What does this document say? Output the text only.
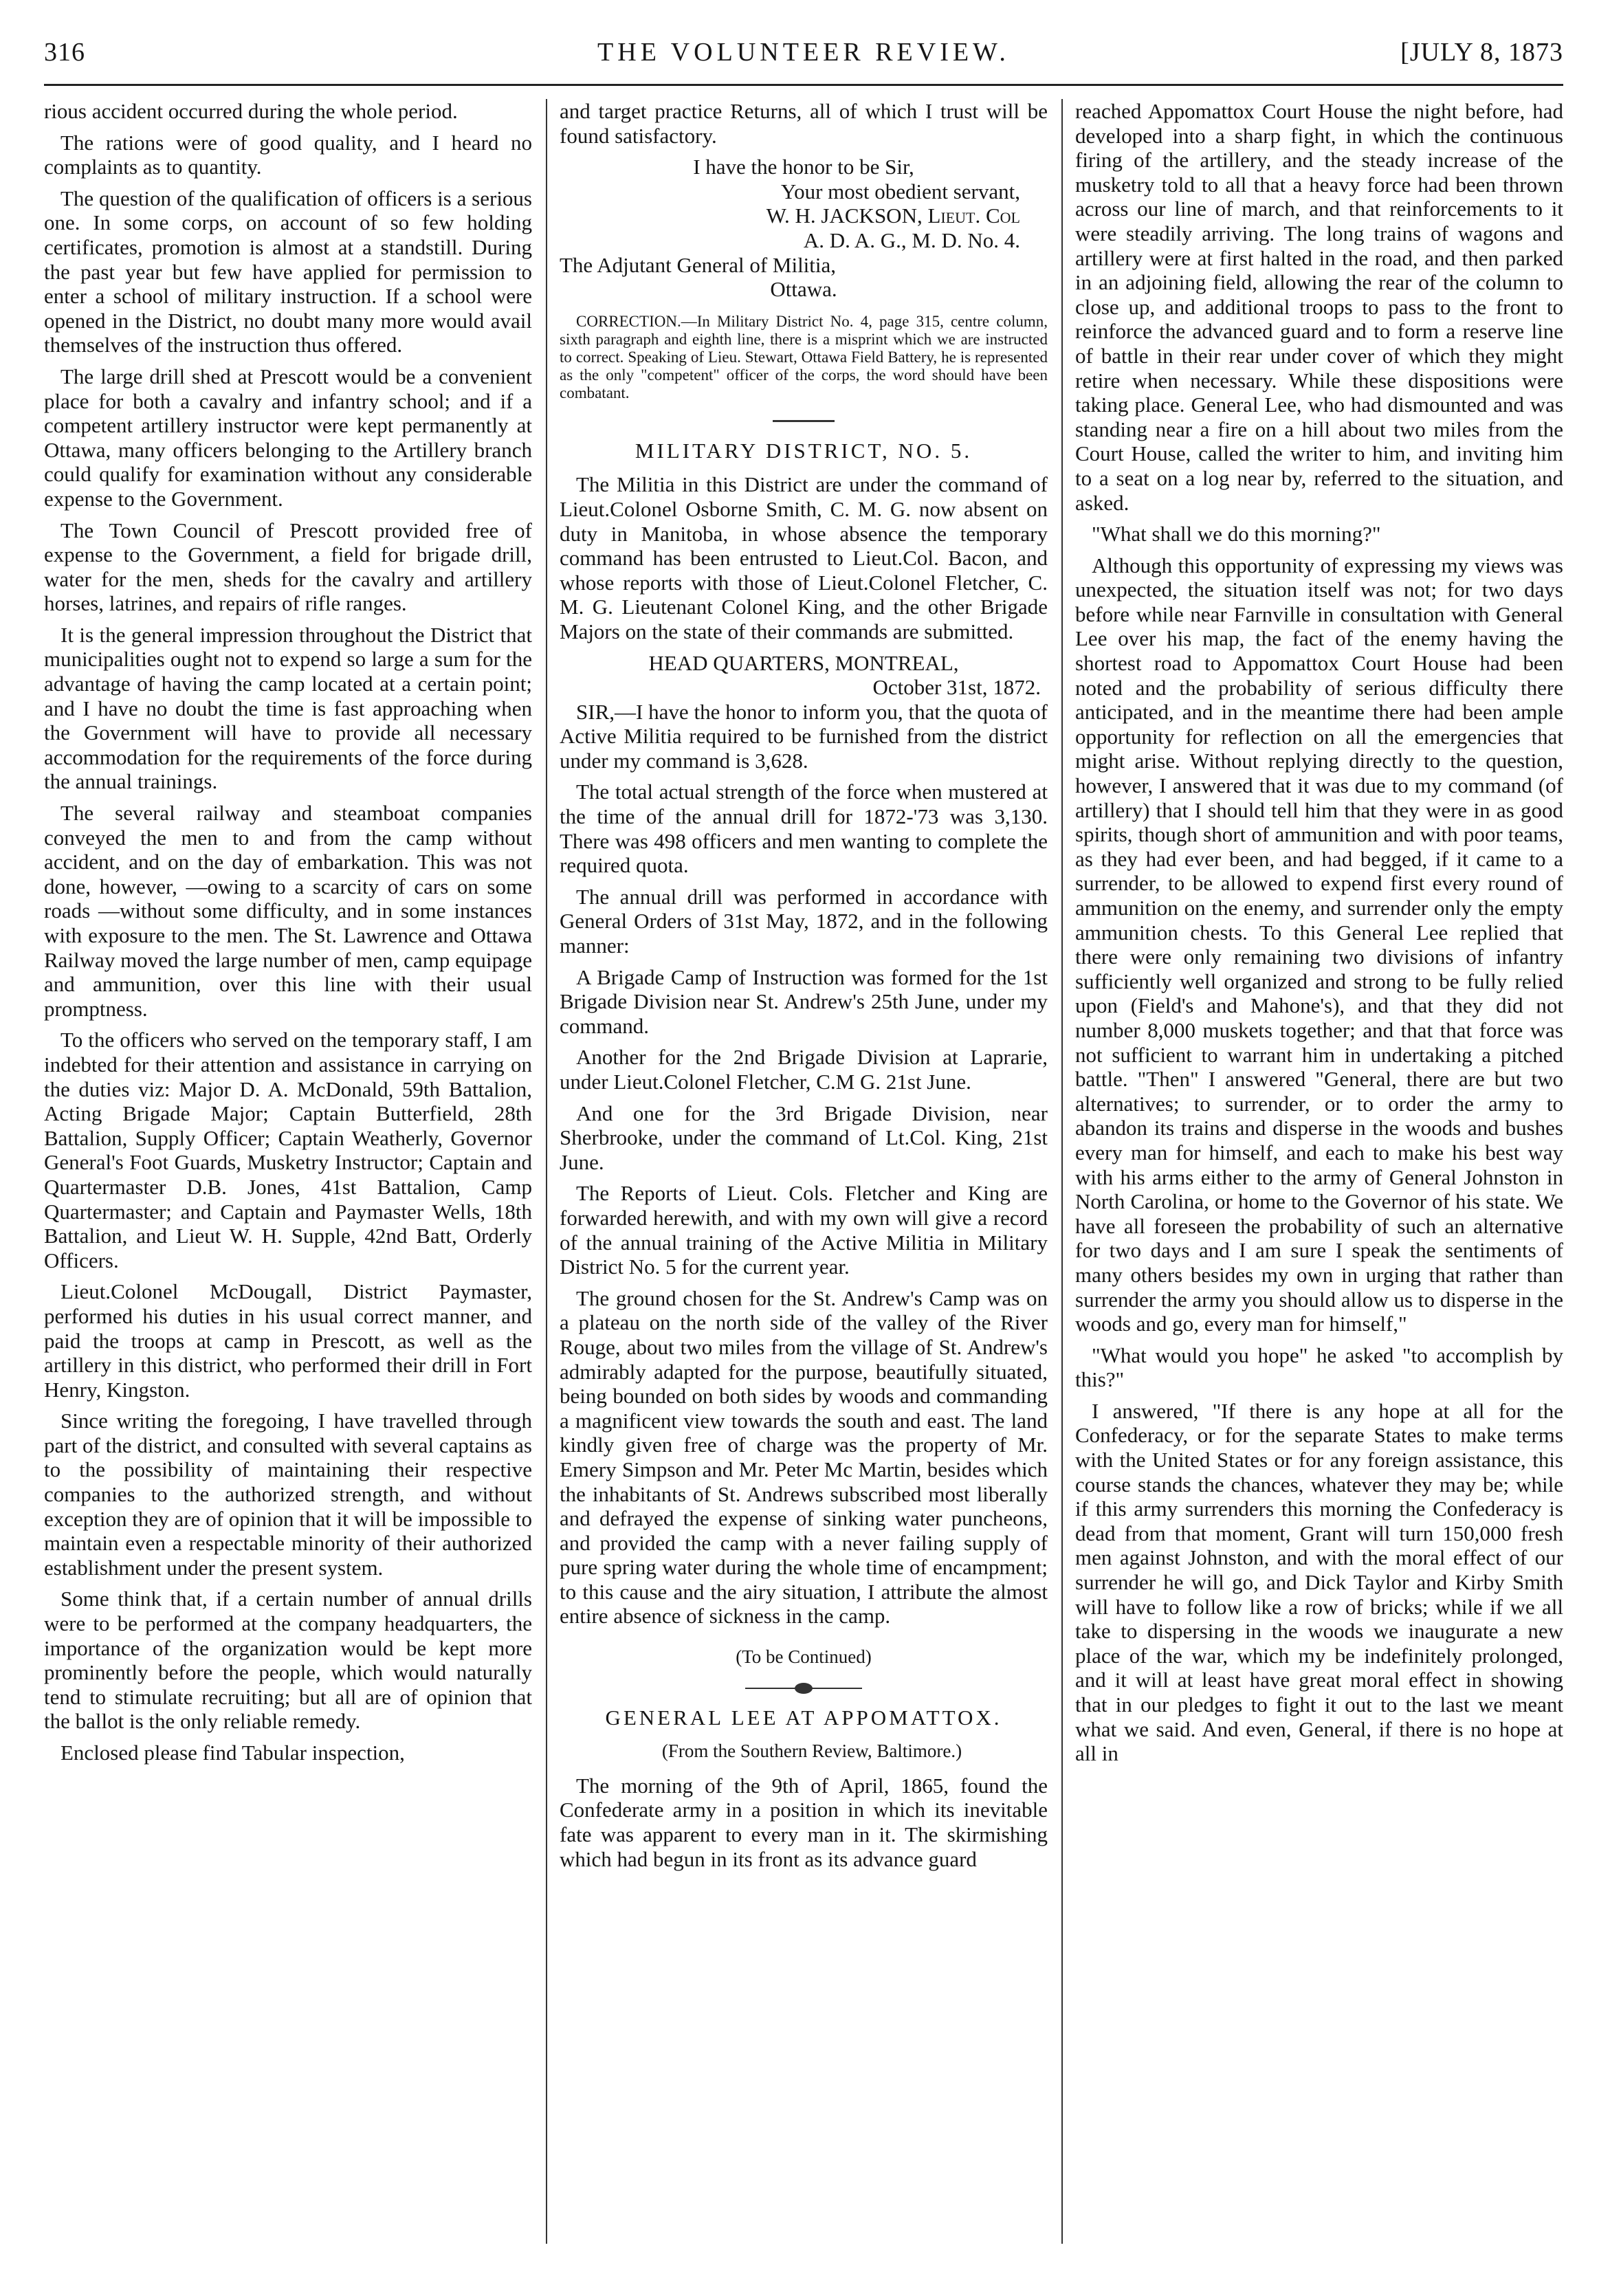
316	THE VOLUNTEER REVIEW.	[JULY 8, 1873

rious accident occurred during the whole period.

The rations were of good quality, and I heard no complaints as to quantity.

The question of the qualification of officers is a serious one. In some corps, on account of so few holding certificates, promotion is almost at a standstill. During the past year but few have applied for permission to enter a school of military instruction. If a school were opened in the District, no doubt many more would avail themselves of the instruction thus offered.

The large drill shed at Prescott would be a convenient place for both a cavalry and infantry school; and if a competent artillery instructor were kept permanently at Ottawa, many officers belonging to the Artillery branch could qualify for examination without any considerable expense to the Government.

The Town Council of Prescott provided free of expense to the Government, a field for brigade drill, water for the men, sheds for the cavalry and artillery horses, latrines, and repairs of rifle ranges.

It is the general impression throughout the District that municipalities ought not to expend so large a sum for the advantage of having the camp located at a certain point; and I have no doubt the time is fast approaching when the Government will have to provide all necessary accommodation for the requirements of the force during the annual trainings.

The several railway and steamboat companies conveyed the men to and from the camp without accident, and on the day of embarkation. This was not done, however, —owing to a scarcity of cars on some roads —without some difficulty, and in some instances with exposure to the men. The St. Lawrence and Ottawa Railway moved the large number of men, camp equipage and ammunition, over this line with their usual promptness.

To the officers who served on the temporary staff, I am indebted for their attention and assistance in carrying on the duties viz: Major D. A. McDonald, 59th Battalion, Acting Brigade Major; Captain Butterfield, 28th Battalion, Supply Officer; Captain Weatherly, Governor General's Foot Guards, Musketry Instructor; Captain and Quartermaster D.B. Jones, 41st Battalion, Camp Quartermaster; and Captain and Paymaster Wells, 18th Battalion, and Lieut W. H. Supple, 42nd Batt, Orderly Officers.

Lieut.Colonel McDougall, District Paymaster, performed his duties in his usual correct manner, and paid the troops at camp in Prescott, as well as the artillery in this district, who performed their drill in Fort Henry, Kingston.

Since writing the foregoing, I have travelled through part of the district, and consulted with several captains as to the possibility of maintaining their respective companies to the authorized strength, and without exception they are of opinion that it will be impossible to maintain even a respectable minority of their authorized establishment under the present system.

Some think that, if a certain number of annual drills were to be performed at the company headquarters, the importance of the organization would be kept more prominently before the people, which would naturally tend to stimulate recruiting; but all are of opinion that the ballot is the only reliable remedy.

Enclosed please find Tabular inspection,

and target practice Returns, all of which I trust will be found satisfactory.

I have the honor to be Sir,

Your most obedient servant,

W. H. JACKSON, Lieut. Col

A. D. A. G., M. D. No. 4.

The Adjutant General of Militia,

Ottawa.

CORRECTION.—In Military District No. 4, page 315, centre column, sixth paragraph and eighth line, there is a misprint which we are instructed to correct. Speaking of Lieu. Stewart, Ottawa Field Battery, he is represented as the only "competent" officer of the corps, the word should have been combatant.

MILITARY DISTRICT, NO. 5.

The Militia in this District are under the command of Lieut.Colonel Osborne Smith, C. M. G. now absent on duty in Manitoba, in whose absence the temporary command has been entrusted to Lieut.Col. Bacon, and whose reports with those of Lieut.Colonel Fletcher, C. M. G. Lieutenant Colonel King, and the other Brigade Majors on the state of their commands are submitted.

HEAD QUARTERS, MONTREAL,

October 31st, 1872.

SIR,—I have the honor to inform you, that the quota of Active Militia required to be furnished from the district under my command is 3,628.

The total actual strength of the force when mustered at the time of the annual drill for 1872-'73 was 3,130. There was 498 officers and men wanting to complete the required quota.

The annual drill was performed in accordance with General Orders of 31st May, 1872, and in the following manner:

A Brigade Camp of Instruction was formed for the 1st Brigade Division near St. Andrew's 25th June, under my command.

Another for the 2nd Brigade Division at Laprarie, under Lieut.Colonel Fletcher, C.M G. 21st June.

And one for the 3rd Brigade Division, near Sherbrooke, under the command of Lt.Col. King, 21st June.

The Reports of Lieut. Cols. Fletcher and King are forwarded herewith, and with my own will give a record of the annual training of the Active Militia in Military District No. 5 for the current year.

The ground chosen for the St. Andrew's Camp was on a plateau on the north side of the valley of the River Rouge, about two miles from the village of St. Andrew's admirably adapted for the purpose, beautifully situated, being bounded on both sides by woods and commanding a magnificent view towards the south and east. The land kindly given free of charge was the property of Mr. Emery Simpson and Mr. Peter Mc Martin, besides which the inhabitants of St. Andrews subscribed most liberally and defrayed the expense of sinking water puncheons, and provided the camp with a never failing supply of pure spring water during the whole time of encampment; to this cause and the airy situation, I attribute the almost entire absence of sickness in the camp.

(To be Continued)

GENERAL LEE AT APPOMATTOX.

(From the Southern Review, Baltimore.)

The morning of the 9th of April, 1865, found the Confederate army in a position in which its inevitable fate was apparent to every man in it. The skirmishing which had begun in its front as its advance guard

reached Appomattox Court House the night before, had developed into a sharp fight, in which the continuous firing of the artillery, and the steady increase of the musketry told to all that a heavy force had been thrown across our line of march, and that reinforcements to it were steadily arriving. The long trains of wagons and artillery were at first halted in the road, and then parked in an adjoining field, allowing the rear of the column to close up, and additional troops to pass to the front to reinforce the advanced guard and to form a reserve line of battle in their rear under cover of which they might retire when necessary. While these dispositions were taking place. General Lee, who had dismounted and was standing near a fire on a hill about two miles from the Court House, called the writer to him, and inviting him to a seat on a log near by, referred to the situation, and asked.

"What shall we do this morning?"

Although this opportunity of expressing my views was unexpected, the situation itself was not; for two days before while near Farnville in consultation with General Lee over his map, the fact of the enemy having the shortest road to Appomattox Court House had been noted and the probability of serious difficulty there anticipated, and in the meantime there had been ample opportunity for reflection on all the emergencies that might arise. Without replying directly to the question, however, I answered that it was due to my command (of artillery) that I should tell him that they were in as good spirits, though short of ammunition and with poor teams, as they had ever been, and had begged, if it came to a surrender, to be allowed to expend first every round of ammunition on the enemy, and surrender only the empty ammunition chests. To this General Lee replied that there were only remaining two divisions of infantry sufficiently well organized and strong to be fully relied upon (Field's and Mahone's), and that they did not number 8,000 muskets together; and that that force was not sufficient to warrant him in undertaking a pitched battle. "Then" I answered "General, there are but two alternatives; to surrender, or to order the army to abandon its trains and disperse in the woods and bushes every man for himself, and each to make his best way with his arms either to the army of General Johnston in North Carolina, or home to the Governor of his state. We have all foreseen the probability of such an alternative for two days and I am sure I speak the sentiments of many others besides my own in urging that rather than surrender the army you should allow us to disperse in the woods and go, every man for himself,"

"What would you hope" he asked "to accomplish by this?"

I answered, "If there is any hope at all for the Confederacy, or for the separate States to make terms with the United States or for any foreign assistance, this course stands the chances, whatever they may be; while if this army surrenders this morning the Confederacy is dead from that moment, Grant will turn 150,000 fresh men against Johnston, and with the moral effect of our surrender he will go, and Dick Taylor and Kirby Smith will have to follow like a row of bricks; while if we all take to dispersing in the woods we inaugurate a new place of the war, which my be indefinitely prolonged, and it will at least have great moral effect in showing that in our pledges to fight it out to the last we meant what we said. And even, General, if there is no hope at all in
